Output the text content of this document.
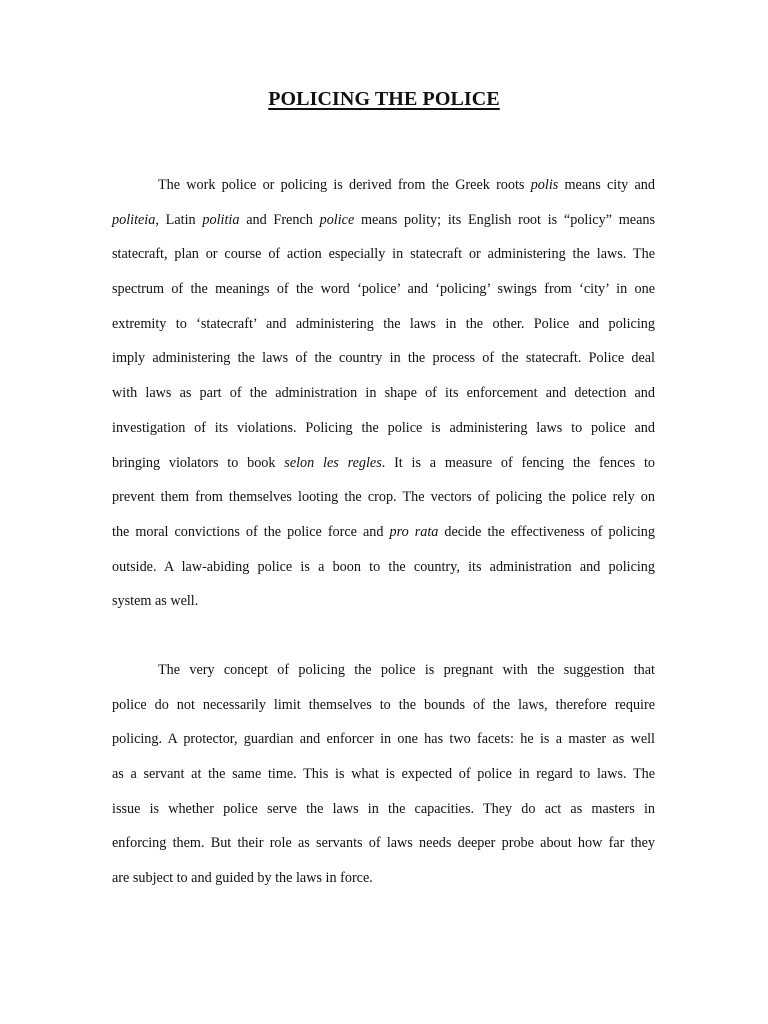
POLICING THE POLICE
The work police or policing is derived from the Greek roots polis means city and
politeia, Latin politia and French police means polity; its English root is “policy” means
statecraft, plan or course of action especially in statecraft or administering the laws. The
spectrum of the meanings of the word ‘police’ and ‘policing’ swings from ‘city’ in one
extremity to ‘statecraft’ and administering the laws in the other. Police and policing
imply administering the laws of the country in the process of the statecraft. Police deal
with laws as part of the administration in shape of its enforcement and detection and
investigation of its violations. Policing the police is administering laws to police and
bringing violators to book selon les regles. It is a measure of fencing the fences to
prevent them from themselves looting the crop. The vectors of policing the police rely on
the moral convictions of the police force and pro rata decide the effectiveness of policing
outside. A law-abiding police is a boon to the country, its administration and policing
system as well.
The very concept of policing the police is pregnant with the suggestion that
police do not necessarily limit themselves to the bounds of the laws, therefore require
policing. A protector, guardian and enforcer in one has two facets: he is a master as well
as a servant at the same time. This is what is expected of police in regard to laws. The
issue is whether police serve the laws in the capacities. They do act as masters in
enforcing them. But their role as servants of laws needs deeper probe about how far they
are subject to and guided by the laws in force.
